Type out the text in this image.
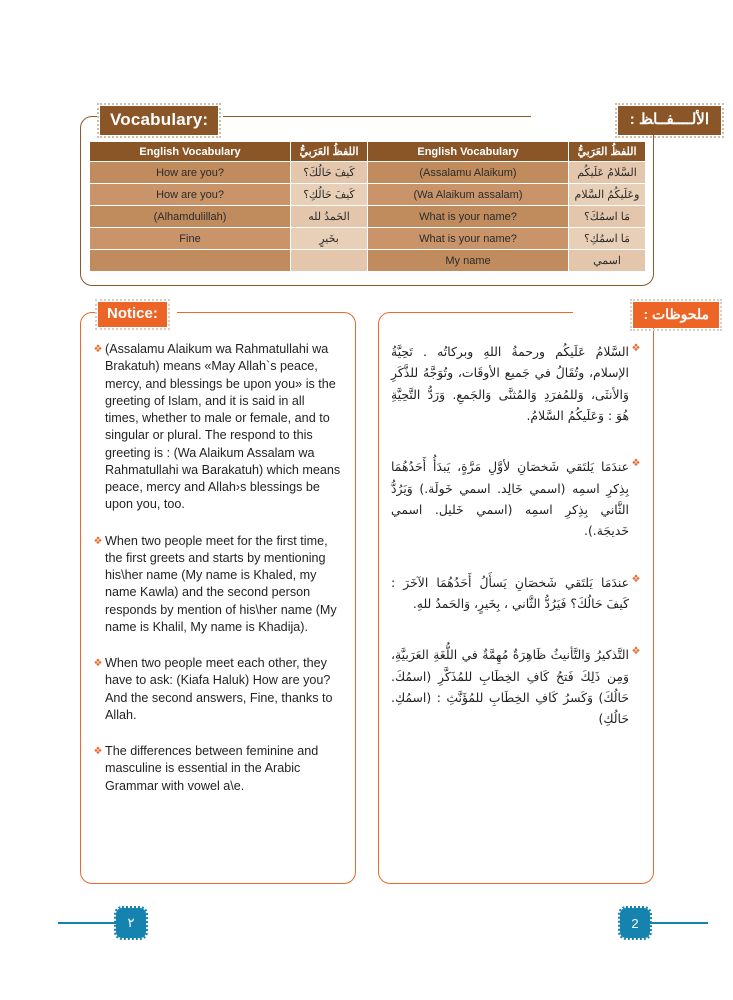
English Vocabulary	اللفظُ العَرَبيُّ	English Vocabulary	اللفظُ العَرَبيُّ
How are you?	كَيفَ حَالُكَ؟	(Assalamu Alaikum)	السَّلامُ عَلَيكُم
How are you?	كَيفَ حَالُكِ؟	(Wa Alaikum assalam)	وعَلَيكُمُ السَّلام
(Alhamdulillah)	الحَمدُ لله	What is your name?	مَا اسمُكَ؟
Fine	بخَيرٍ	What is your name?	مَا اسمُكِ؟
		My name	اسمي
Vocabulary:	الأﻟــــﻔــﺎﻆ :
❖ (Assalamu Alaikum wa Rahmatullahi wa Brakatuh) means «May Allah`s peace, mercy, and blessings be upon you» is the greeting of Islam, and it is said in all times, whether to male or female, and to singular or plural. The respond to this greeting is : (Wa Alaikum Assalam wa Rahmatullahi wa Barakatuh) which means peace, mercy and Allah›s blessings be upon you, too.
❖ When two people meet for the first time, the first greets and starts by mentioning his\her name (My name is Khaled, my name Kawla) and the second person responds by mention of his\her name (My name is Khalil, My name is Khadija).
❖ When two people meet each other, they have to ask: (Kiafa Haluk) How are you? And the second answers, Fine, thanks to Allah.
❖ The differences between feminine and masculine is essential in the Arabic Grammar with vowel a\e.
Notice:
❖
السَّلامُ عَلَيكُم ورحمةُ اللهِ وبركاتُه . تَحِيَّةُ الإسلام، وتُقَالُ في جَميع الأوقَات، وتُوَجَّهُ للذَّكَرِ وَالأنثَى، وَللمُفرَدِ وَالمُثنَّى وَالجَمعِ. وَرَدُّ التَّحِيَّةِ هُوَ : وَعَلَيكُمُ السَّلامُ.
❖
عندَمَا يَلتَقي شَخصَانِ لأوَّلِ مَرَّةٍ، يَبدَأُ أَحَدُهُمَا بِذِكرِ اسمِه (اسمي خَالِد. اسمي خَولَة.) وَيَرُدُّ الثَّاني بِذِكرِ اسمِه (اسمي خَليل. اسمي خَديجَة.).
❖
عندَمَا يَلتَقي شَخصَانِ يَسأَلُ أَحَدُهُمَا الآخَرَ : كَيفَ حَالُكَ؟ فَيَرُدُّ الثَّاني ، بِخَيرٍ، وَالحَمدُ للهِ.
❖
التَّذكيرُ وَالتَّأنيثُ ظَاهِرَةٌ مُهِمَّةٌ في اللُّغَةِ العَرَبيَّةِ، وَمِن ذَلِكَ فَتحُ كَافِ الخِطَابِ للمُذَكَّرِ (اسمُكَ. حَالُكَ) وَكَسرُ كَافِ الخِطَابِ للمُؤَنَّثِ : (اسمُكِ. حَالُكِ)
ملحوظات :
٢	2
